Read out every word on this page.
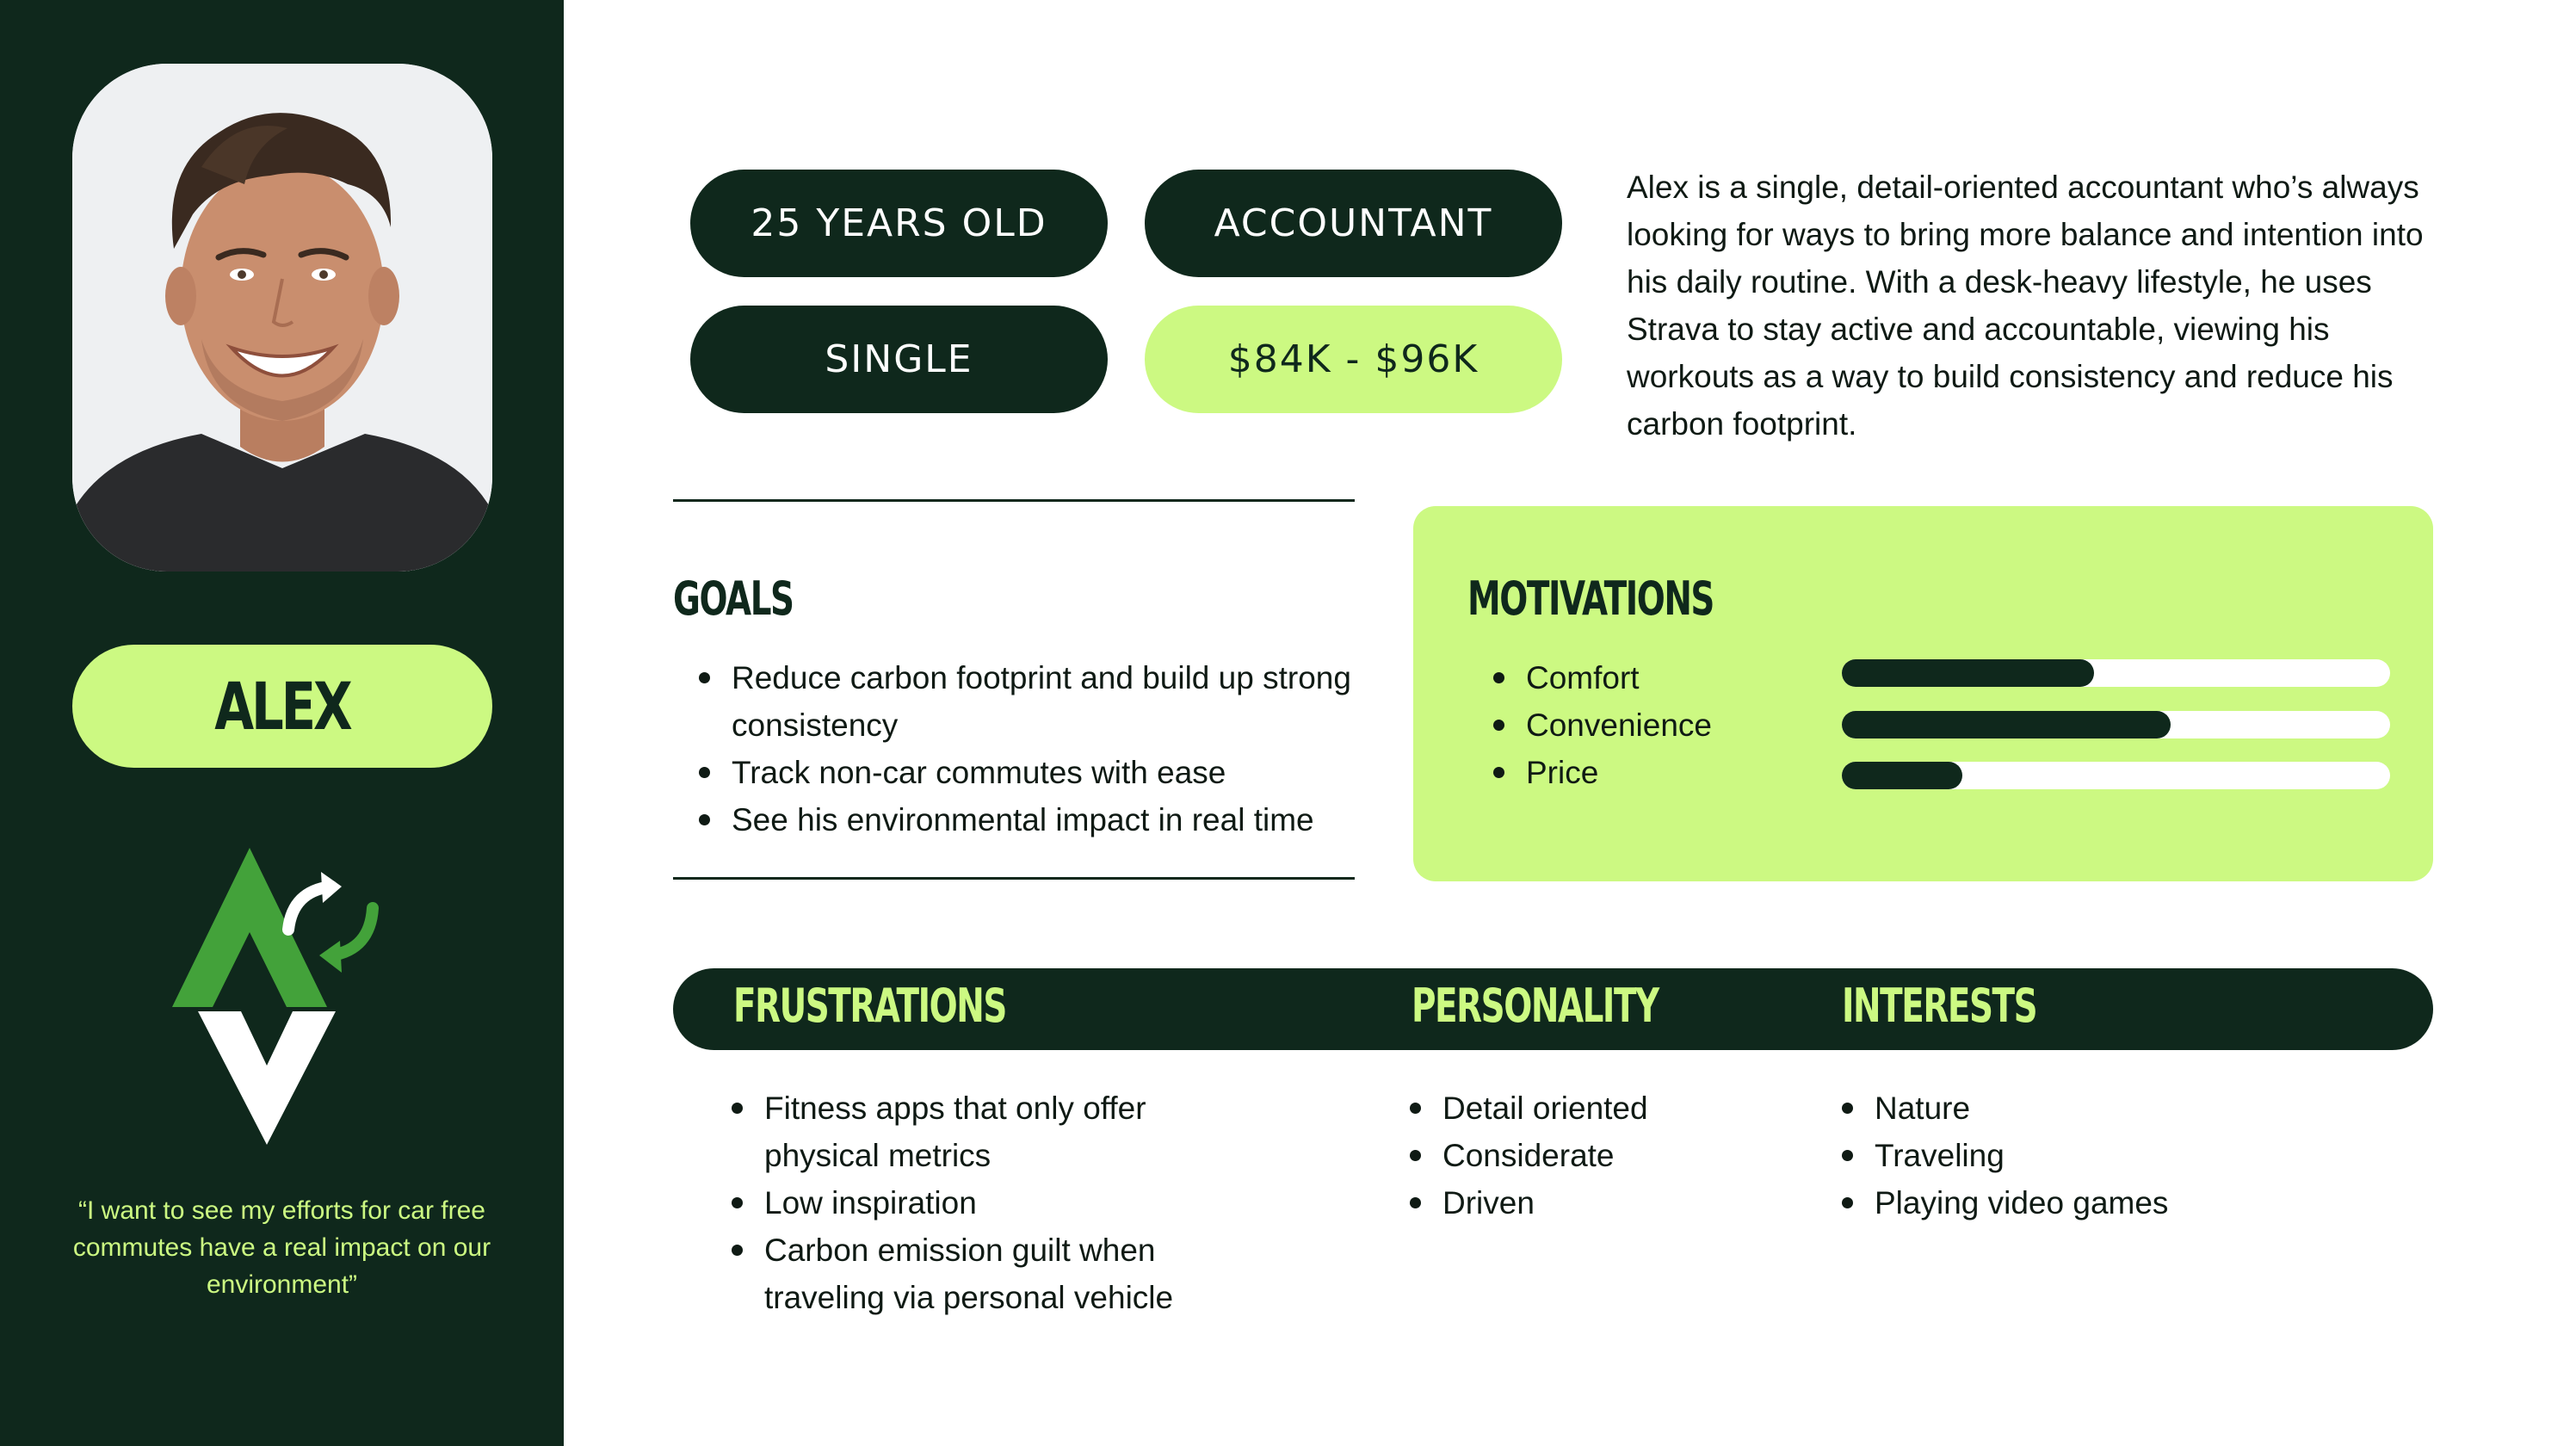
ALEX
“I want to see my efforts for car free commutes have a real impact on our environment”
25 YEARS OLD	ACCOUNTANT
SINGLE	$84K - $96K
Alex is a single, detail-oriented accountant who’s always looking for ways to bring more balance and intention into his daily routine. With a desk-heavy lifestyle, he uses Strava to stay active and accountable, viewing his workouts as a way to build consistency and reduce his carbon footprint.
GOALS
Reduce carbon footprint and build up strong consistency
Track non-car commutes with ease
See his environmental impact in real time
MOTIVATIONS
Comfort
Convenience
Price
FRUSTRATIONS	PERSONALITY	INTERESTS
Fitness apps that only offer physical metrics
Low inspiration
Carbon emission guilt when traveling via personal vehicle
Detail oriented
Considerate
Driven
Nature
Traveling
Playing video games
